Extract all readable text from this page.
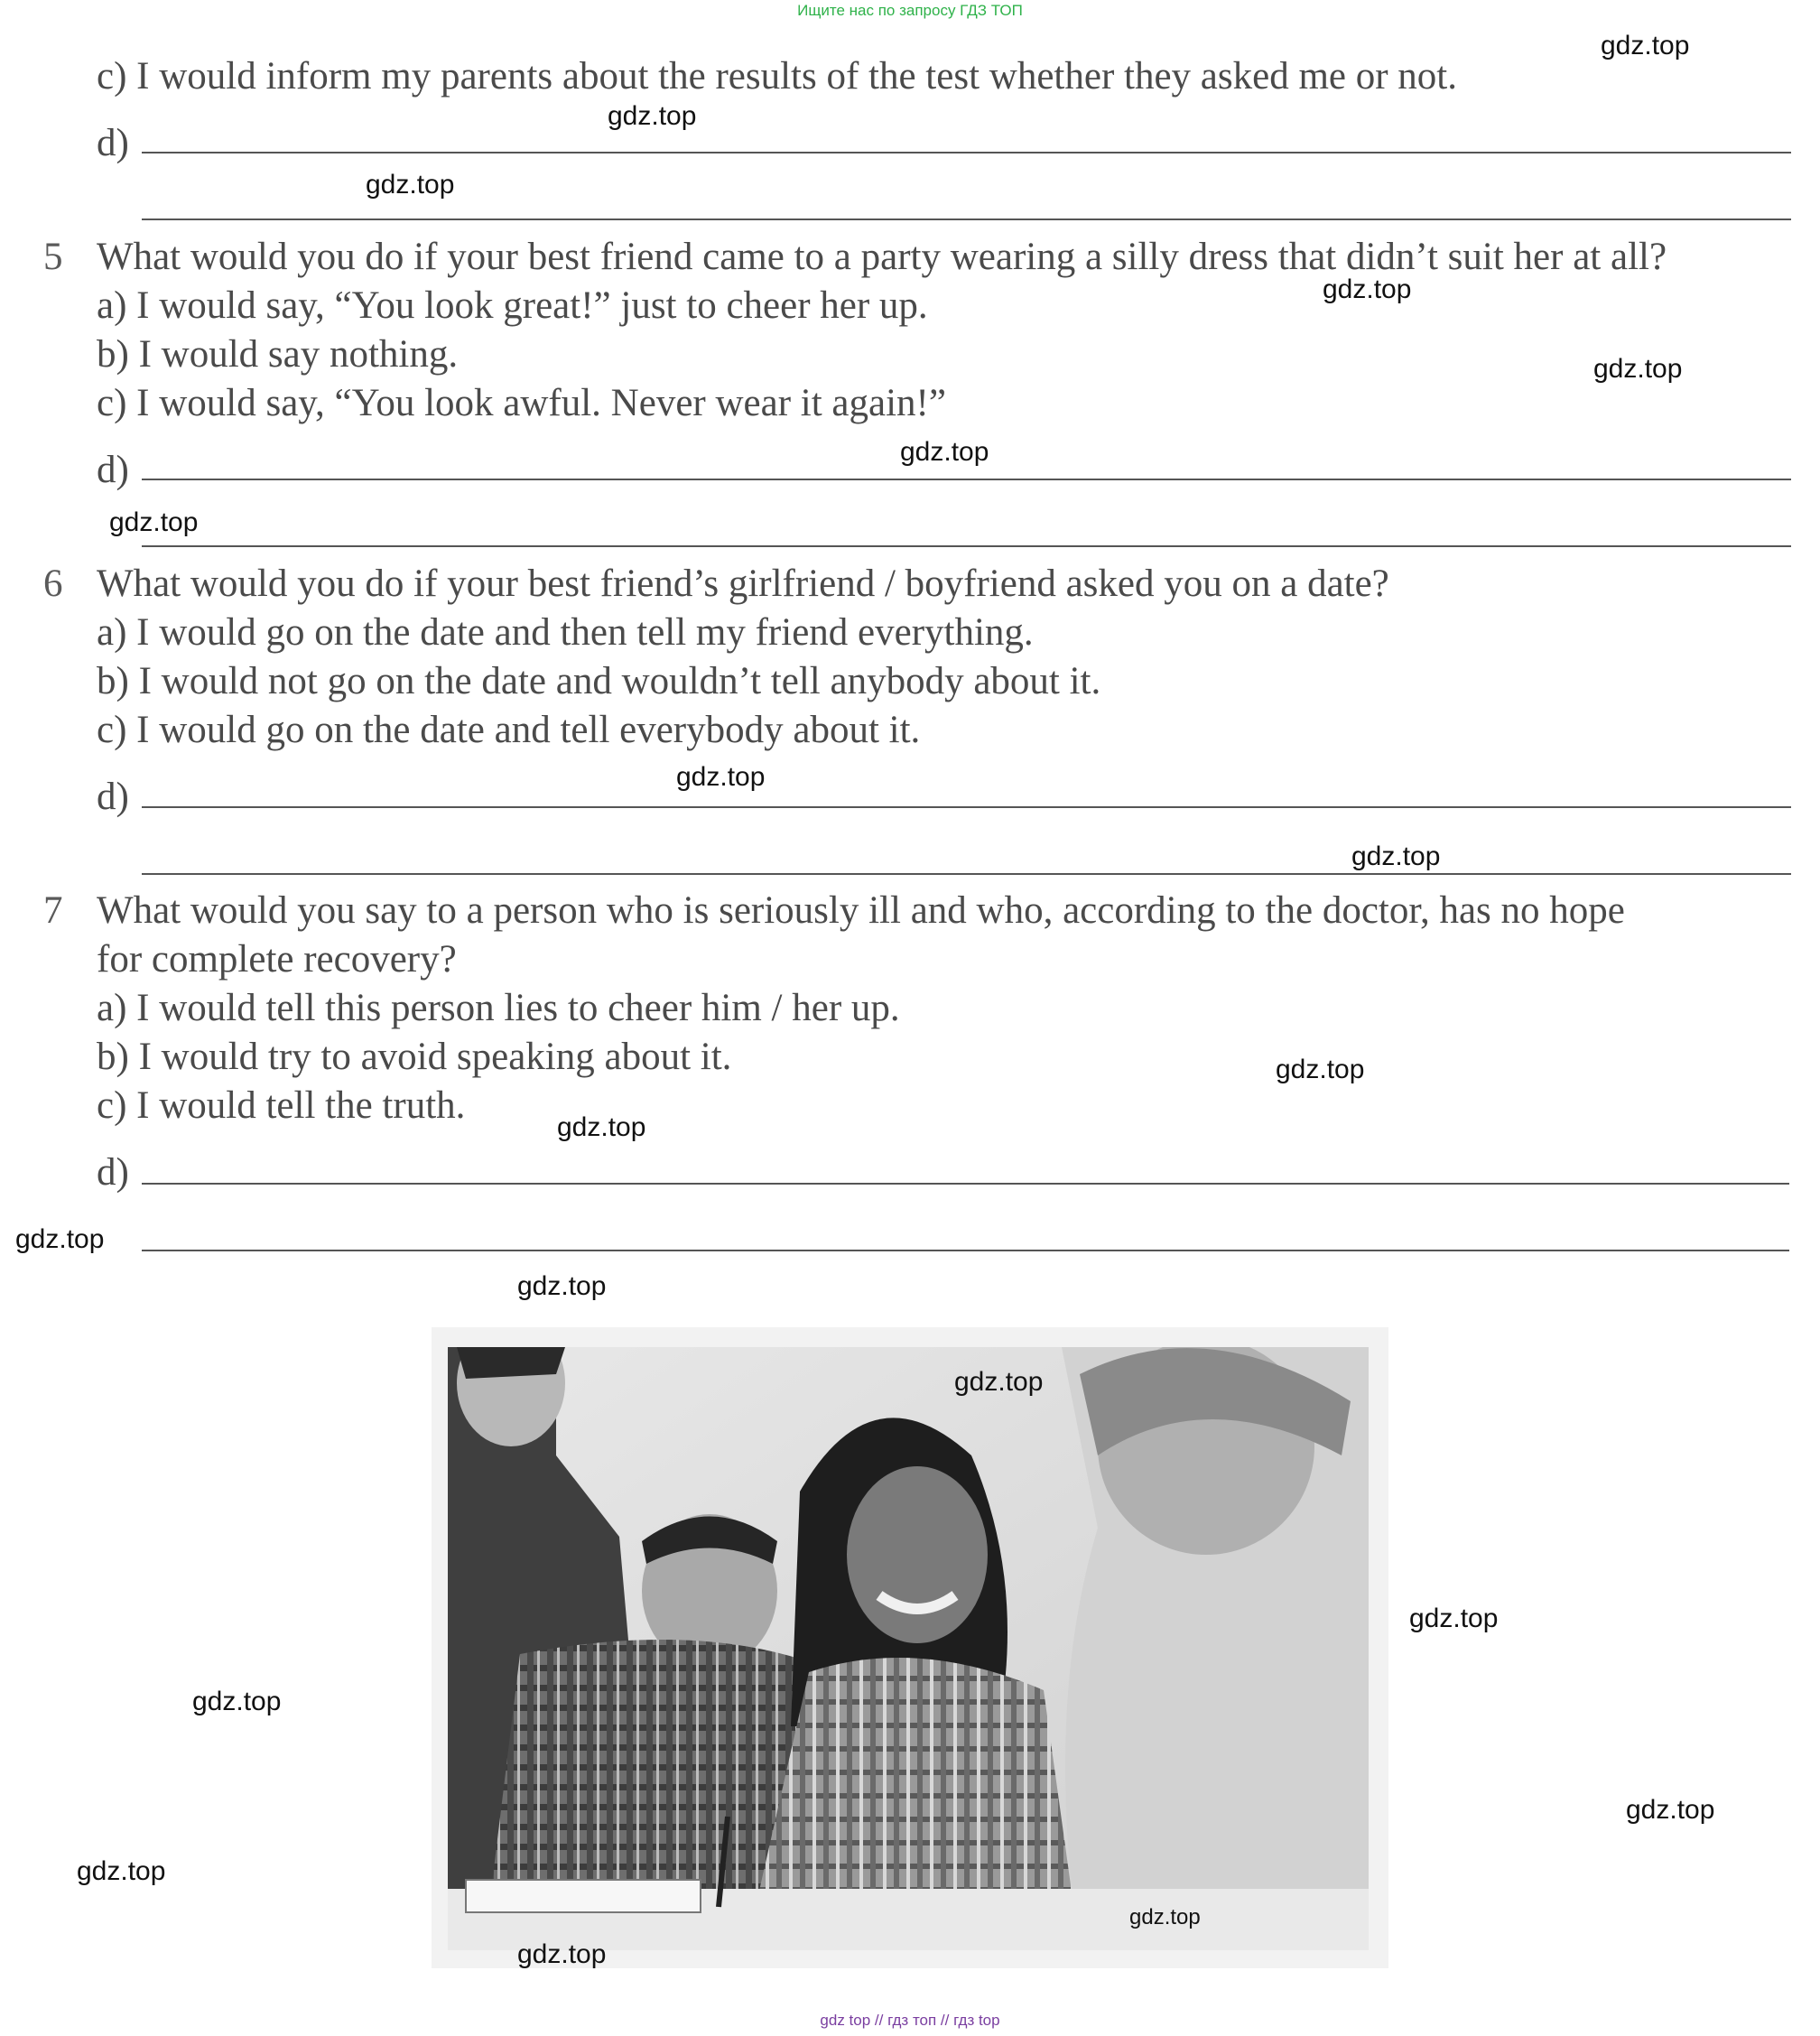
Ищите нас по запросу ГДЗ ТОП
c) I would inform my parents about the results of the test whether they asked me or not.
d)
5 What would you do if your best friend came to a party wearing a silly dress that didn’t suit her at all?
a) I would say, “You look great!” just to cheer her up.
b) I would say nothing.
c) I would say, “You look awful. Never wear it again!”
d)
6 What would you do if your best friend’s girlfriend / boyfriend asked you on a date?
a) I would go on the date and then tell my friend everything.
b) I would not go on the date and wouldn’t tell anybody about it.
c) I would go on the date and tell everybody about it.
d)
7 What would you say to a person who is seriously ill and who, according to the doctor, has no hope
for complete recovery?
a) I would tell this person lies to cheer him / her up.
b) I would try to avoid speaking about it.
c) I would tell the truth.
d)
gdz.top
gdz.top
gdz.top
gdz.top
gdz.top
gdz.top
gdz.top
gdz.top
gdz.top
gdz.top
gdz.top
gdz.top
gdz.top
gdz.top
gdz.top
gdz.top
gdz.top
gdz.top
gdz.top
gdz.top
gdz top // гдз топ // гдз top
